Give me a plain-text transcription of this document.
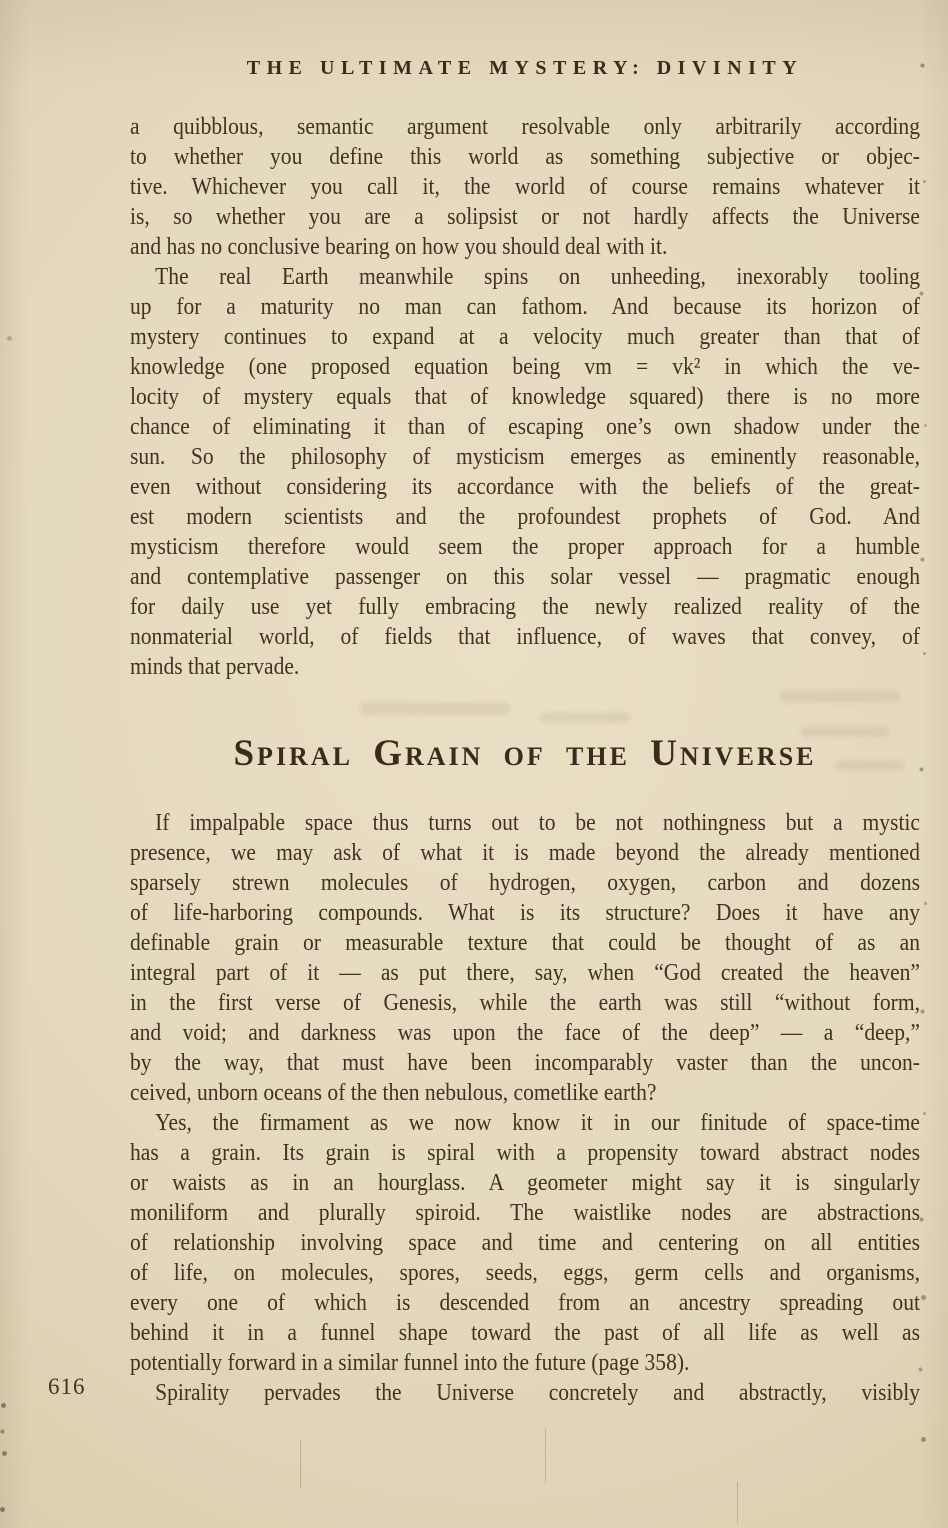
THE ULTIMATE MYSTERY: DIVINITY
a quibblous, semantic argument resolvable only arbitrarily according
to whether you define this world as something subjective or objec-
tive. Whichever you call it, the world of course remains whatever it
is, so whether you are a solipsist or not hardly affects the Universe
and has no conclusive bearing on how you should deal with it.
The real Earth meanwhile spins on unheeding, inexorably tooling
up for a maturity no man can fathom. And because its horizon of
mystery continues to expand at a velocity much greater than that of
knowledge (one proposed equation being vm = vk² in which the ve-
locity of mystery equals that of knowledge squared) there is no more
chance of eliminating it than of escaping one’s own shadow under the
sun. So the philosophy of mysticism emerges as eminently reasonable,
even without considering its accordance with the beliefs of the great-
est modern scientists and the profoundest prophets of God. And
mysticism therefore would seem the proper approach for a humble
and contemplative passenger on this solar vessel — pragmatic enough
for daily use yet fully embracing the newly realized reality of the
nonmaterial world, of fields that influence, of waves that convey, of
minds that pervade.
Spiral Grain of the Universe
If impalpable space thus turns out to be not nothingness but a mystic
presence, we may ask of what it is made beyond the already mentioned
sparsely strewn molecules of hydrogen, oxygen, carbon and dozens
of life-harboring compounds. What is its structure? Does it have any
definable grain or measurable texture that could be thought of as an
integral part of it — as put there, say, when “God created the heaven”
in the first verse of Genesis, while the earth was still “without form,
and void; and darkness was upon the face of the deep” — a “deep,”
by the way, that must have been incomparably vaster than the uncon-
ceived, unborn oceans of the then nebulous, cometlike earth?
Yes, the firmament as we now know it in our finitude of space-time
has a grain. Its grain is spiral with a propensity toward abstract nodes
or waists as in an hourglass. A geometer might say it is singularly
moniliform and plurally spiroid. The waistlike nodes are abstractions
of relationship involving space and time and centering on all entities
of life, on molecules, spores, seeds, eggs, germ cells and organisms,
every one of which is descended from an ancestry spreading out
behind it in a funnel shape toward the past of all life as well as
potentially forward in a similar funnel into the future (page 358).
Spirality pervades the Universe concretely and abstractly, visibly
616
